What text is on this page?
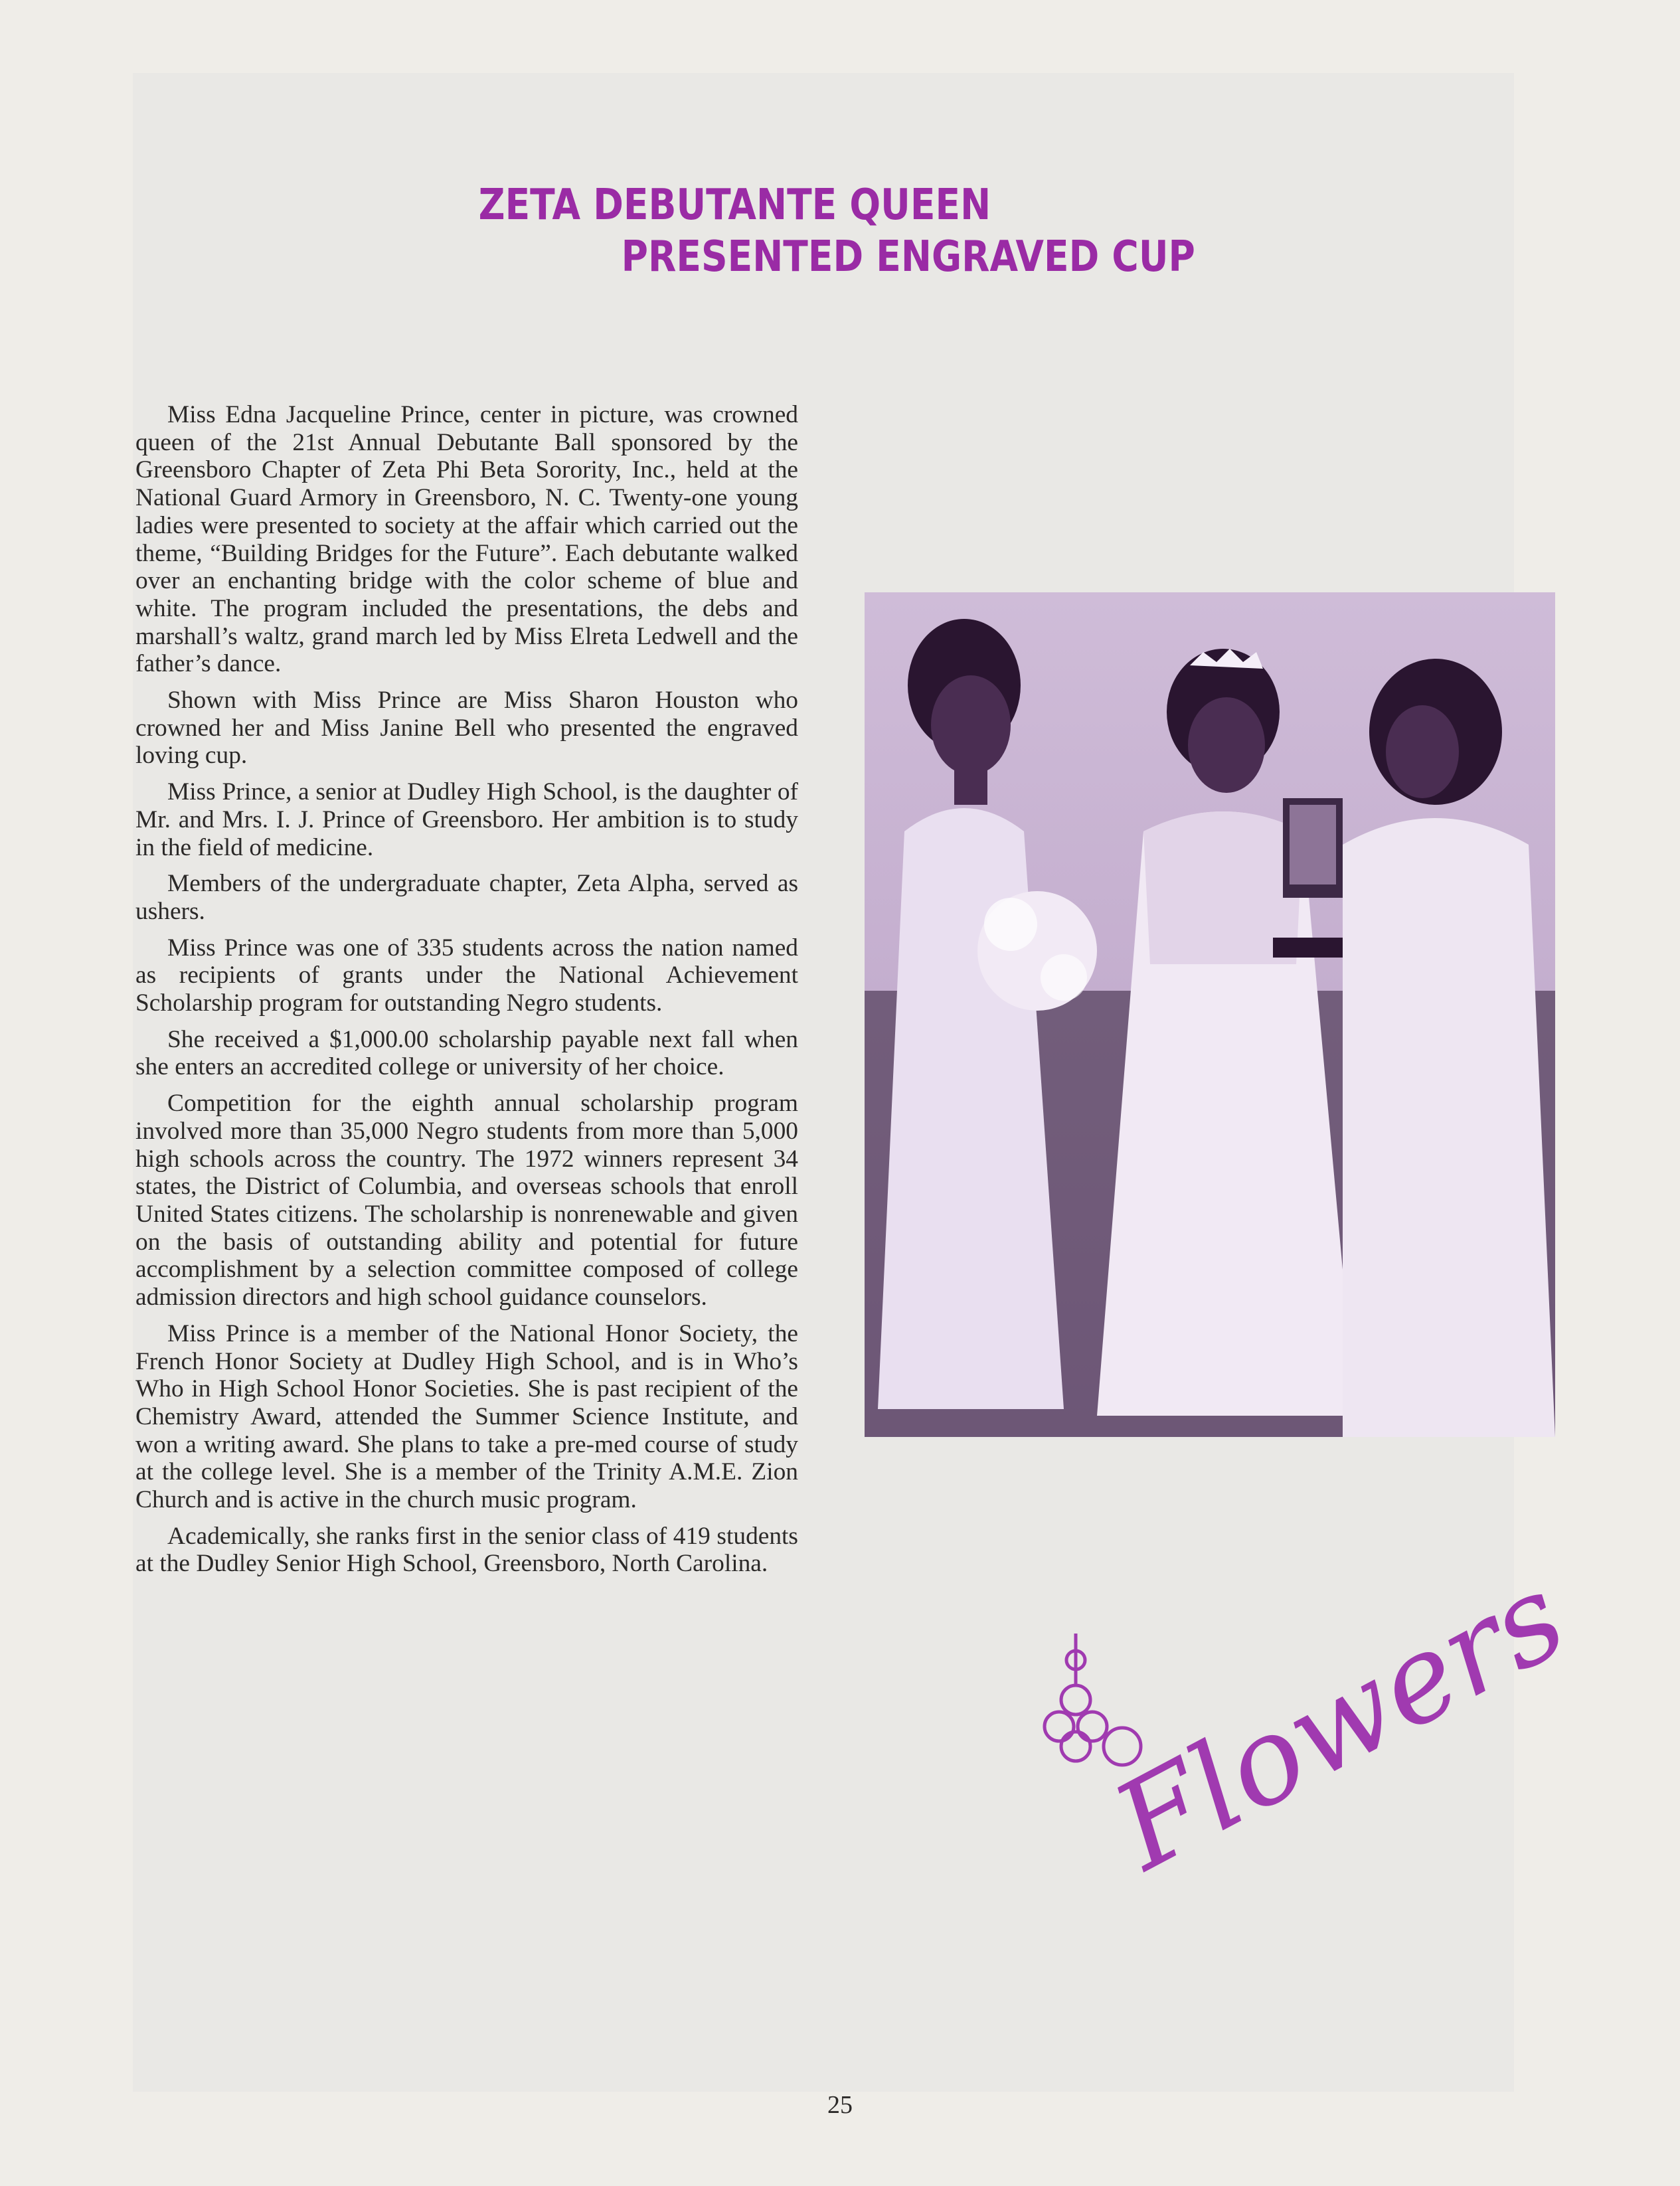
ZETA DEBUTANTE QUEEN
PRESENTED ENGRAVED CUP

Miss Edna Jacqueline Prince, center in picture, was crowned queen of the 21st Annual Debutante Ball sponsored by the Greensboro Chapter of Zeta Phi Beta Sorority, Inc., held at the National Guard Armory in Greensboro, N. C. Twenty-one young ladies were presented to society at the affair which carried out the theme, “Building Bridges for the Future”. Each debutante walked over an enchanting bridge with the color scheme of blue and white. The program included the presentations, the debs and marshall’s waltz, grand march led by Miss Elreta Ledwell and the father’s dance.

Shown with Miss Prince are Miss Sharon Houston who crowned her and Miss Janine Bell who presented the engraved loving cup.

Miss Prince, a senior at Dudley High School, is the daughter of Mr. and Mrs. I. J. Prince of Greensboro. Her ambition is to study in the field of medicine.

Members of the undergraduate chapter, Zeta Alpha, served as ushers.

Miss Prince was one of 335 students across the nation named as recipients of grants under the National Achievement Scholarship program for outstanding Negro students.

She received a $1,000.00 scholarship payable next fall when she enters an accredited college or university of her choice.

Competition for the eighth annual scholarship program involved more than 35,000 Negro students from more than 5,000 high schools across the country. The 1972 winners represent 34 states, the District of Columbia, and overseas schools that enroll United States citizens. The scholarship is nonrenewable and given on the basis of outstanding ability and potential for future accomplishment by a selection committee composed of college admission directors and high school guidance counselors.

Miss Prince is a member of the National Honor Society, the French Honor Society at Dudley High School, and is in Who’s Who in High School Honor Societies. She is past recipient of the Chemistry Award, attended the Summer Science Institute, and won a writing award. She plans to take a pre-med course of study at the college level. She is a member of the Trinity A.M.E. Zion Church and is active in the church music program.

Academically, she ranks first in the senior class of 419 students at the Dudley Senior High School, Greensboro, North Carolina.	Flowers
25
